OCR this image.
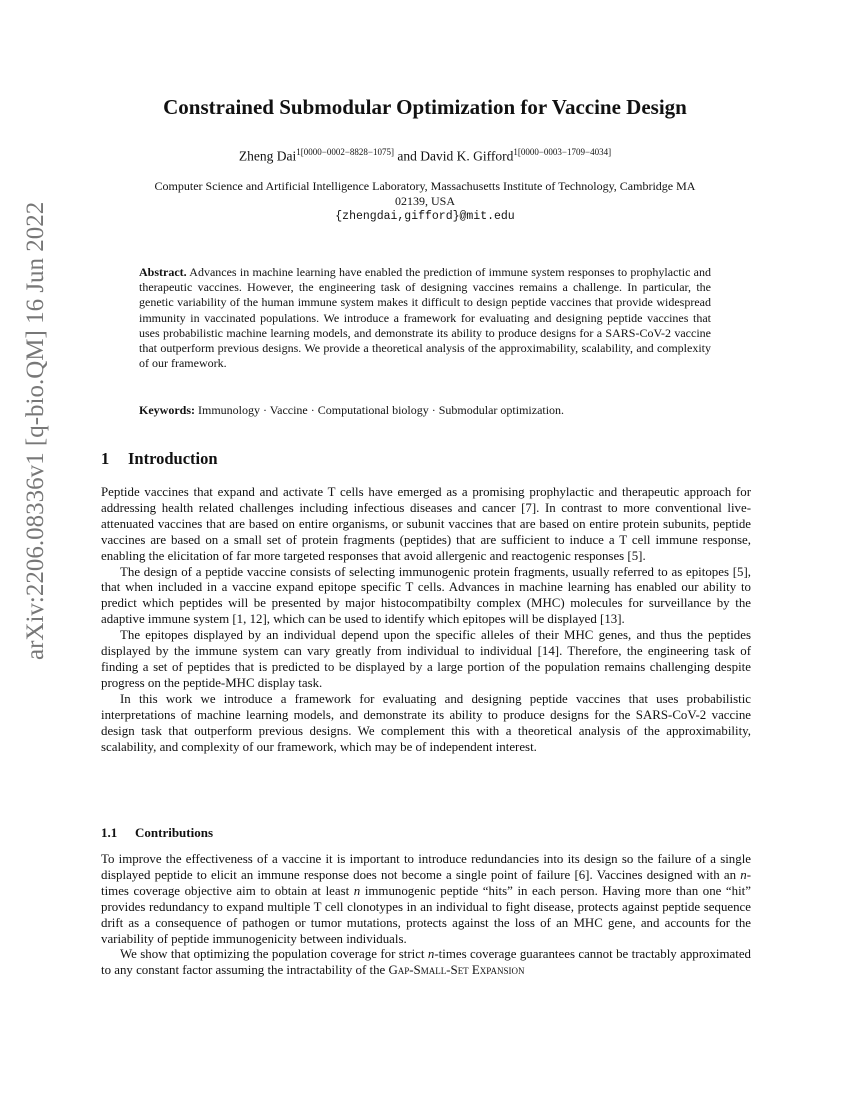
arXiv:2206.08336v1 [q-bio.QM] 16 Jun 2022
Constrained Submodular Optimization for Vaccine Design
Zheng Dai$^{1[0000-0002-8828-1075]}$ and David K. Gifford$^{1[0000-0003-1709-4034]}$
Computer Science and Artificial Intelligence Laboratory, Massachusetts Institute of Technology, Cambridge MA
02139, USA
{zhengdai,gifford}@mit.edu

Abstract. Advances in machine learning have enabled the prediction of immune system responses to prophylactic and therapeutic vaccines. However, the engineering task of designing vaccines remains a challenge. In particular, the genetic variability of the human immune system makes it difficult to design peptide vaccines that provide widespread immunity in vaccinated populations. We introduce a framework for evaluating and designing peptide vaccines that uses probabilistic machine learning models, and demonstrate its ability to produce designs for a SARS-CoV-2 vaccine that outperform previous designs. We provide a theoretical analysis of the approximability, scalability, and complexity of our framework.

Keywords: Immunology · Vaccine · Computational biology · Submodular optimization.

1 Introduction

Peptide vaccines that expand and activate T cells have emerged as a promising prophylactic and therapeutic approach for addressing health related challenges including infectious diseases and cancer [7]. In contrast to more conventional live-attenuated vaccines that are based on entire organisms, or subunit vaccines that are based on entire protein subunits, peptide vaccines are based on a small set of protein fragments (peptides) that are sufficient to induce a T cell immune response, enabling the elicitation of far more targeted responses that avoid allergenic and reactogenic responses [5].

The design of a peptide vaccine consists of selecting immunogenic protein fragments, usually referred to as epitopes [5], that when included in a vaccine expand epitope specific T cells. Advances in machine learning has enabled our ability to predict which peptides will be presented by major histocompatibilty complex (MHC) molecules for surveillance by the adaptive immune system [1, 12], which can be used to identify which epitopes will be displayed [13].

The epitopes displayed by an individual depend upon the specific alleles of their MHC genes, and thus the peptides displayed by the immune system can vary greatly from individual to individual [14]. Therefore, the engineering task of finding a set of peptides that is predicted to be displayed by a large portion of the population remains challenging despite progress on the peptide-MHC display task.

In this work we introduce a framework for evaluating and designing peptide vaccines that uses probabilistic interpretations of machine learning models, and demonstrate its ability to produce designs for the SARS-CoV-2 vaccine design task that outperform previous designs. We complement this with a theoretical analysis of the approximability, scalability, and complexity of our framework, which may be of independent interest.

1.1 Contributions

To improve the effectiveness of a vaccine it is important to introduce redundancies into its design so the failure of a single displayed peptide to elicit an immune response does not become a single point of failure [6]. Vaccines designed with an n-times coverage objective aim to obtain at least n immunogenic peptide “hits” in each person. Having more than one “hit” provides redundancy to expand multiple T cell clonotypes in an individual to fight disease, protects against peptide sequence drift as a consequence of pathogen or tumor mutations, protects against the loss of an MHC gene, and accounts for the variability of peptide immunogenicity between individuals.

We show that optimizing the population coverage for strict n-times coverage guarantees cannot be tractably approximated to any constant factor assuming the intractability of the Gap-Small-Set Expansion
